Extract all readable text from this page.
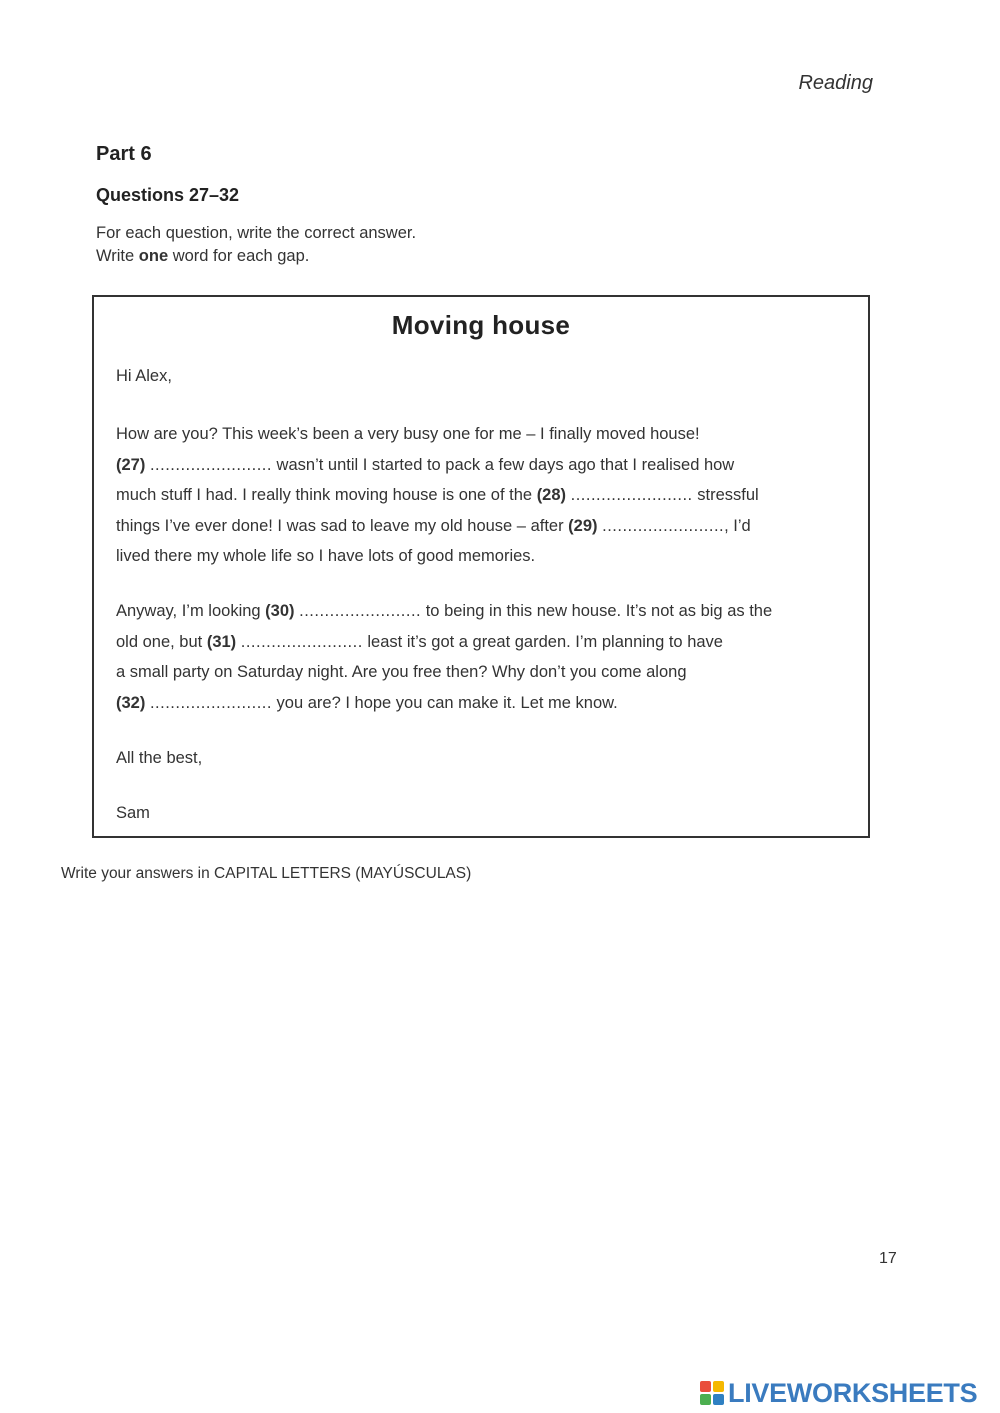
Reading
Part 6
Questions 27–32
For each question, write the correct answer.
Write one word for each gap.
Moving house
Hi Alex,
How are you? This week’s been a very busy one for me – I finally moved house!
(27) ........................ wasn’t until I started to pack a few days ago that I realised how
much stuff I had. I really think moving house is one of the (28) ........................ stressful
things I’ve ever done! I was sad to leave my old house – after (29) ........................, I’d
lived there my whole life so I have lots of good memories.
Anyway, I’m looking (30) ........................ to being in this new house. It’s not as big as the
old one, but (31) ........................ least it’s got a great garden. I’m planning to have
a small party on Saturday night. Are you free then? Why don’t you come along
(32) ........................ you are? I hope you can make it. Let me know.
All the best,
Sam
Write your answers in CAPITAL LETTERS (MAYÚSCULAS)
17
LIVEWORKSHEETS
